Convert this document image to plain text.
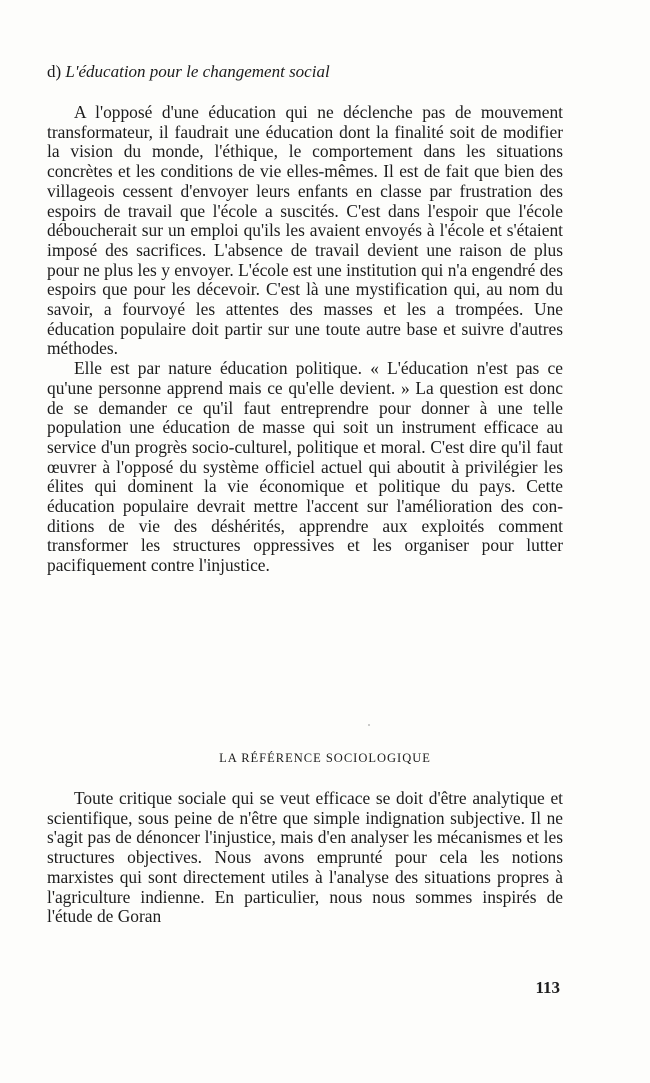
d) L'éducation pour le changement social

A l'opposé d'une éducation qui ne déclenche pas de mouvement transformateur, il faudrait une éducation dont la finalité soit de modifier la vision du monde, l'éthique, le comportement dans les situations concrètes et les conditions de vie elles-mêmes. Il est de fait que bien des villageois cessent d'envoyer leurs enfants en classe par frustration des espoirs de travail que l'école a suscités. C'est dans l'espoir que l'école déboucherait sur un emploi qu'ils les avaient envoyés à l'école et s'étaient imposé des sacrifices. L'absence de travail devient une raison de plus pour ne plus les y envoyer. L'école est une institution qui n'a engendré des espoirs que pour les décevoir. C'est là une mystification qui, au nom du savoir, a fourvoyé les attentes des masses et les a trompées. Une éducation populaire doit partir sur une toute autre base et suivre d'autres méthodes.

Elle est par nature éducation politique. « L'éducation n'est pas ce qu'une personne apprend mais ce qu'elle devient. » La question est donc de se demander ce qu'il faut entreprendre pour donner à une telle population une éducation de masse qui soit un instrument efficace au service d'un progrès socio-culturel, politique et moral. C'est dire qu'il faut œuvrer à l'opposé du système officiel actuel qui aboutit à privilégier les élites qui dominent la vie économique et politique du pays. Cette éducation populaire devrait mettre l'accent sur l'amélioration des conditions de vie des déshérités, apprendre aux exploités comment transformer les structures oppressives et les organiser pour lutter pacifiquement contre l'injustice.

LA RÉFÉRENCE SOCIOLOGIQUE

Toute critique sociale qui se veut efficace se doit d'être analytique et scientifique, sous peine de n'être que simple indignation subjective. Il ne s'agit pas de dénoncer l'injustice, mais d'en analyser les mécanismes et les structures objectives. Nous avons emprunté pour cela les notions marxistes qui sont directement utiles à l'analyse des situations propres à l'agriculture indienne. En particulier, nous nous sommes inspirés de l'étude de Goran

113
